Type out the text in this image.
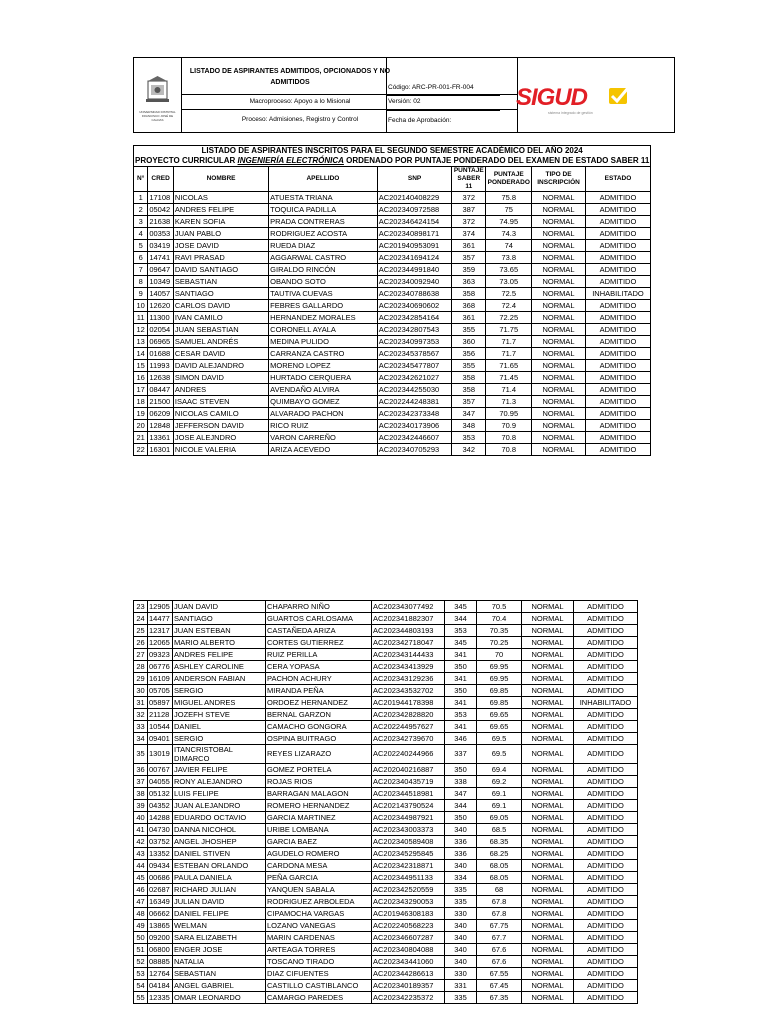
UNIVERSIDAD DISTRITAL FRANCISCO JOSÉ DE CALDAS
LISTADO DE ASPIRANTES ADMITIDOS, OPCIONADOS Y NO ADMITIDOS
Macroproceso: Apoyo a lo Misional
Proceso: Admisiones, Registro y Control
Código: ARC-PR-001-FR-004
Versión: 02
Fecha de Aprobación:
SIGUD
sistema integrado de gestión
LISTADO DE ASPIRANTES INSCRITOS PARA EL SEGUNDO SEMESTRE ACADÉMICO DEL AÑO 2024
PROYECTO CURRICULAR INGENIERÍA ELECTRÓNICA ORDENADO POR PUNTAJE PONDERADO DEL EXAMEN DE ESTADO SABER 11								
N°	CRED	NOMBRE	APELLIDO	SNP	PUNTAJE SABER 11	PUNTAJE PONDERADO	TIPO DE INSCRIPCIÓN	ESTADO
1	17108	NICOLAS	ATUESTA TRIANA	AC202140408229	372	75.8	NORMAL	ADMITIDO
2	05042	ANDRES FELIPE	TOQUICA PADILLA	AC202340972588	387	75	NORMAL	ADMITIDO
3	21638	KAREN SOFIA	PRADA CONTRERAS	AC202346424154	372	74.95	NORMAL	ADMITIDO
4	00353	JUAN PABLO	RODRIGUEZ ACOSTA	AC202340898171	374	74.3	NORMAL	ADMITIDO
5	03419	JOSE DAVID	RUEDA DIAZ	AC201940953091	361	74	NORMAL	ADMITIDO
6	14741	RAVI PRASAD	AGGARWAL CASTRO	AC202341694124	357	73.8	NORMAL	ADMITIDO
7	09647	DAVID SANTIAGO	GIRALDO RINCÓN	AC202344991840	359	73.65	NORMAL	ADMITIDO
8	10349	SEBASTIAN	OBANDO SOTO	AC202340092940	363	73.05	NORMAL	ADMITIDO
9	14057	SANTIAGO	TAUTIVA CUEVAS	AC202340788638	358	72.5	NORMAL	INHABILITADO
10	12620	CARLOS DAVID	FEBRES GALLARDO	AC202340690602	368	72.4	NORMAL	ADMITIDO
11	11300	IVAN CAMILO	HERNANDEZ MORALES	AC202342854164	361	72.25	NORMAL	ADMITIDO
12	02054	JUAN SEBASTIAN	CORONELL AYALA	AC202342807543	355	71.75	NORMAL	ADMITIDO
13	06965	SAMUEL ANDRÉS	MEDINA PULIDO	AC202340997353	360	71.7	NORMAL	ADMITIDO
14	01688	CESAR DAVID	CARRANZA CASTRO	AC202345378567	356	71.7	NORMAL	ADMITIDO
15	11993	DAVID ALEJANDRO	MORENO LOPEZ	AC202345477807	355	71.65	NORMAL	ADMITIDO
16	12638	SIMON DAVID	HURTADO CERQUERA	AC202342621027	358	71.45	NORMAL	ADMITIDO
17	08447	ANDRES	AVENDAÑO ALVIRA	AC202344255030	358	71.4	NORMAL	ADMITIDO
18	21500	ISAAC STEVEN	QUIMBAYO GOMEZ	AC202244248381	357	71.3	NORMAL	ADMITIDO
19	06209	NICOLAS CAMILO	ALVARADO PACHON	AC202342373348	347	70.95	NORMAL	ADMITIDO
20	12848	JEFFERSON DAVID	RICO RUIZ	AC202340173906	348	70.9	NORMAL	ADMITIDO
21	13361	JOSE ALEJNDRO	VARON CARREÑO	AC202342446607	353	70.8	NORMAL	ADMITIDO
22	16301	NICOLE VALERIA	ARIZA ACEVEDO	AC202340705293	342	70.8	NORMAL	ADMITIDO
23	12905	JUAN DAVID	CHAPARRO NIÑO	AC202343077492	345	70.5	NORMAL	ADMITIDO
24	14477	SANTIAGO	GUARTOS CARLOSAMA	AC202341882307	344	70.4	NORMAL	ADMITIDO
25	12317	JUAN ESTEBAN	CASTAÑEDA ARIZA	AC202344803193	353	70.35	NORMAL	ADMITIDO
26	12065	MARIO ALBERTO	CORTES GUTIERREZ	AC202342718047	345	70.25	NORMAL	ADMITIDO
27	09323	ANDRES FELIPE	RUIZ PERILLA	AC202343144433	341	70	NORMAL	ADMITIDO
28	06776	ASHLEY CAROLINE	CERA YOPASA	AC202343413929	350	69.95	NORMAL	ADMITIDO
29	16109	ANDERSON FABIAN	PACHON ACHURY	AC202343129236	341	69.95	NORMAL	ADMITIDO
30	05705	SERGIO	MIRANDA PEÑA	AC202343532702	350	69.85	NORMAL	ADMITIDO
31	05897	MIGUEL ANDRES	ORDOEZ HERNANDEZ	AC201944178398	341	69.85	NORMAL	INHABILITADO
32	21128	JOZEFH STEVE	BERNAL GARZON	AC202342828820	353	69.65	NORMAL	ADMITIDO
33	10544	DANIEL	CAMACHO GONGORA	AC202244957627	341	69.65	NORMAL	ADMITIDO
34	09401	SERGIO	OSPINA BUITRAGO	AC202342739670	346	69.5	NORMAL	ADMITIDO
35	13019	ITANCRISTOBAL DIMARCO	REYES LIZARAZO	AC202240244966	337	69.5	NORMAL	ADMITIDO
36	00767	JAVIER FELIPE	GOMEZ PORTELA	AC202040216887	350	69.4	NORMAL	ADMITIDO
37	04055	RONY ALEJANDRO	ROJAS RIOS	AC202340435719	338	69.2	NORMAL	ADMITIDO
38	05132	LUIS FELIPE	BARRAGAN MALAGON	AC202344518981	347	69.1	NORMAL	ADMITIDO
39	04352	JUAN ALEJANDRO	ROMERO HERNANDEZ	AC202143790524	344	69.1	NORMAL	ADMITIDO
40	14288	EDUARDO OCTAVIO	GARCIA MARTINEZ	AC202344987921	350	69.05	NORMAL	ADMITIDO
41	04730	DANNA NICOHOL	URIBE LOMBANA	AC202343003373	340	68.5	NORMAL	ADMITIDO
42	03752	ANGEL JHOSHEP	GARCIA BAEZ	AC202340589408	336	68.35	NORMAL	ADMITIDO
43	13352	DANIEL STIVEN	AGUDELO ROMERO	AC202345295845	336	68.25	NORMAL	ADMITIDO
44	09434	ESTEBAN ORLANDO	CARDONA MESA	AC202342318871	340	68.05	NORMAL	ADMITIDO
45	00686	PAULA DANIELA	PEÑA GARCIA	AC202344951133	334	68.05	NORMAL	ADMITIDO
46	02687	RICHARD JULIAN	YANQUEN SABALA	AC202342520559	335	68	NORMAL	ADMITIDO
47	16349	JULIAN DAVID	RODRIGUEZ ARBOLEDA	AC202343290053	335	67.8	NORMAL	ADMITIDO
48	06662	DANIEL FELIPE	CIPAMOCHA VARGAS	AC201946308183	330	67.8	NORMAL	ADMITIDO
49	13865	WELMAN	LOZANO VANEGAS	AC202240568223	340	67.75	NORMAL	ADMITIDO
50	09200	SARA ELIZABETH	MARIN CARDENAS	AC202346607287	340	67.7	NORMAL	ADMITIDO
51	06800	ENGER JOSE	ARTEAGA TORRES	AC202340804088	340	67.6	NORMAL	ADMITIDO
52	08885	NATALIA	TOSCANO TIRADO	AC202343441060	340	67.6	NORMAL	ADMITIDO
53	12764	SEBASTIAN	DIAZ CIFUENTES	AC202344286613	330	67.55	NORMAL	ADMITIDO
54	04184	ANGEL GABRIEL	CASTILLO CASTIBLANCO	AC202340189357	331	67.45	NORMAL	ADMITIDO
55	12335	OMAR LEONARDO	CAMARGO PAREDES	AC202342235372	335	67.35	NORMAL	ADMITIDO
